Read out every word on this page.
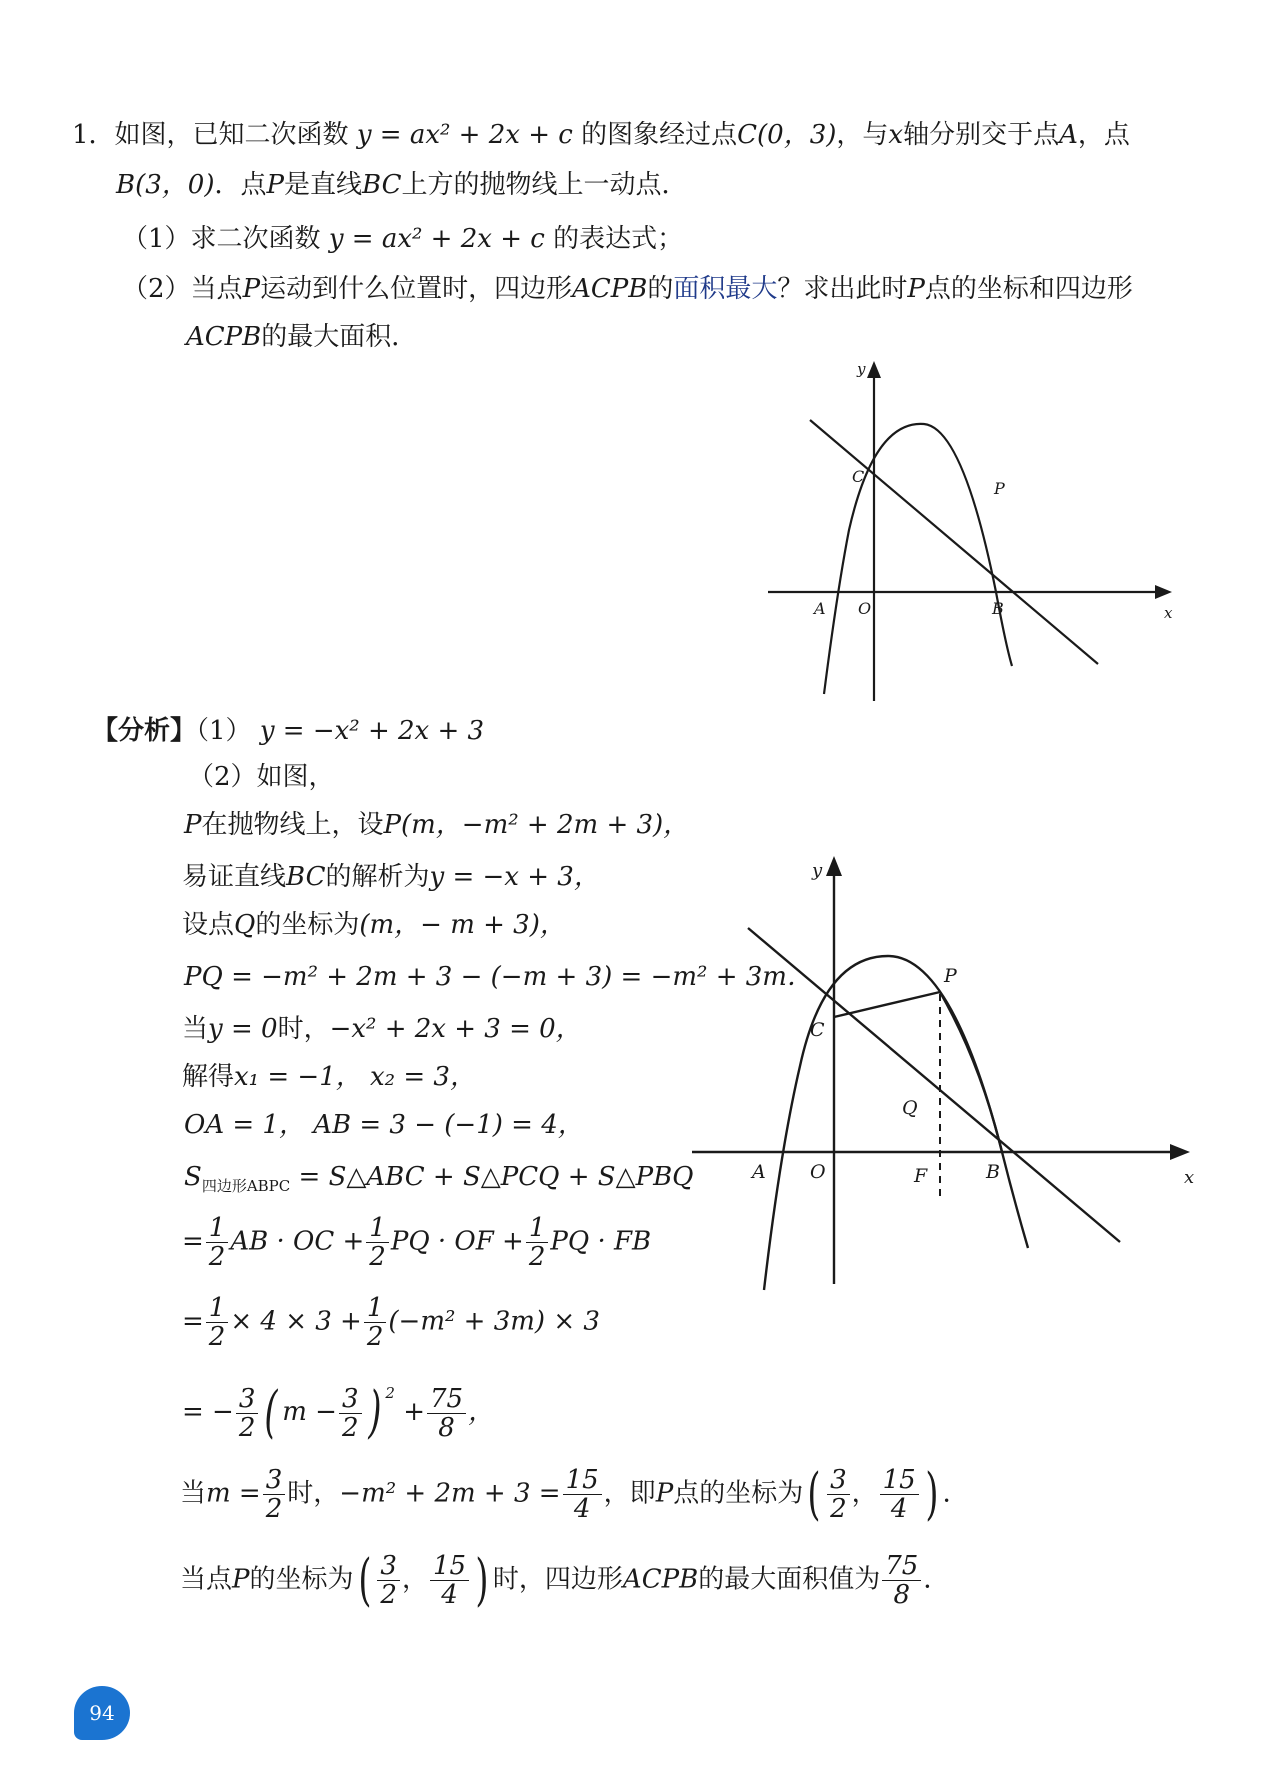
1．如图，已知二次函数 y = ax² + 2x + c 的图象经过点C(0，3)，与x轴分别交于点A，点
B(3，0)．点P是直线BC上方的抛物线上一动点．
（1）求二次函数 y = ax² + 2x + c 的表达式；
（2）当点P运动到什么位置时，四边形ACPB的面积最大？求出此时P点的坐标和四边形
ACPB的最大面积．
y
x
C
P
A O	B
【分析】（1） y = −x² + 2x + 3
（2）如图，
P在抛物线上，设P(m，−m² + 2m + 3)，
易证直线BC的解析为y = −x + 3，
设点Q的坐标为(m，− m + 3)，
PQ = −m² + 2m + 3 − (−m + 3) = −m² + 3m．
当y = 0时，−x² + 2x + 3 = 0，
解得x₁ = −1， x₂ = 3，
OA = 1， AB = 3 − (−1) = 4，
$S_{四边形ABPC}$ = S△ABC + S△PCQ + S△PBQ
= $\frac{1}{2}$ AB · OC + $\frac{1}{2}$ PQ · OF + $\frac{1}{2}$ PQ · FB
= $\frac{1}{2} \times 4 \times 3 + \frac{1}{2} (-m^2 + 3m) \times 3$
= − $\frac{3}{2}$ ( $m - \frac{3}{2}$ ) $^2 + \frac{75}{8}$ ，
当$m = \frac{3}{2}$ 时，$-m^2 + 2m + 3 = \frac{15}{4}$ ，即P点的坐标为( $\frac{3}{2}$ ， $\frac{15}{4}$ ) ．
当点P的坐标为( $\frac{3}{2}$ ， $\frac{15}{4}$ ) 时，四边形ACPB的最大面积值为 $\frac{75}{8}$ ．
y
x
C
P
Q
A O	F	B
94
